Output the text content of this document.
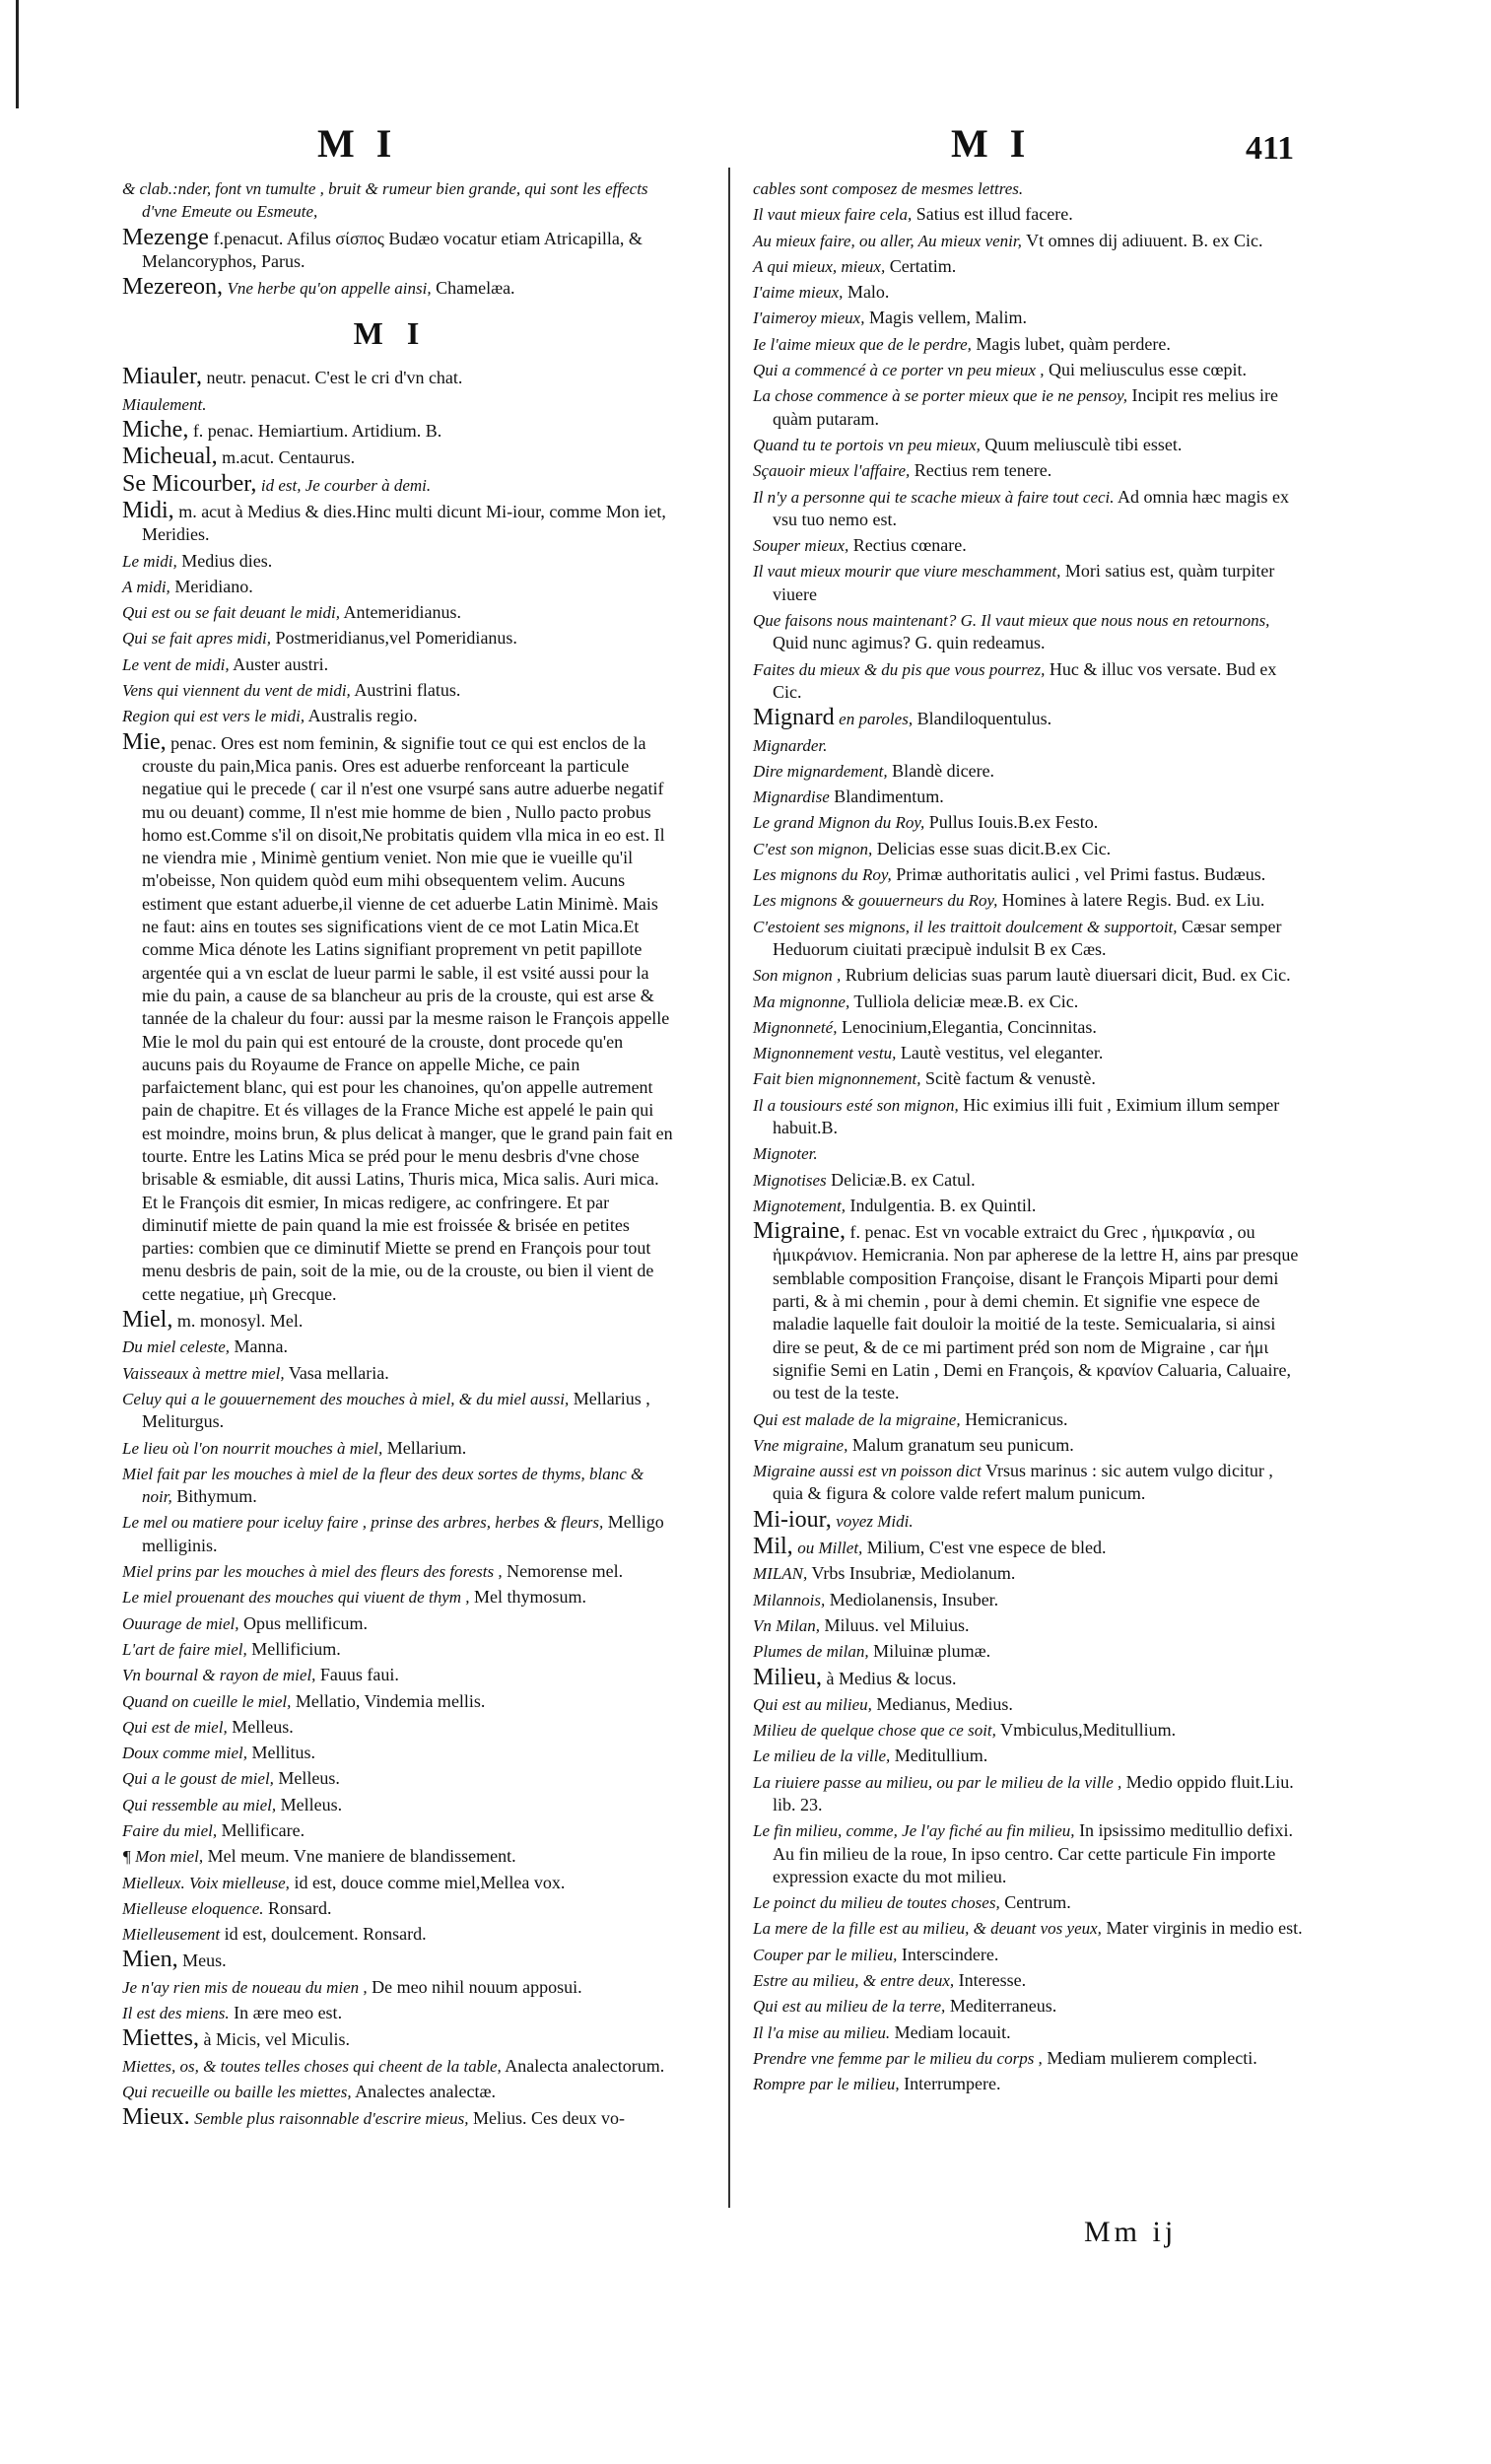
MI	MI	411

& clab.:nder, font vn tumulte , bruit & rumeur bien grande, qui sont les effects d'vne Emeute ou Esmeute,

Mezenge f.penacut. Afilus σίσπος Budæo vocatur etiam Atricapilla, & Melancoryphos, Parus.

Mezereon, Vne herbe qu'on appelle ainsi, Chamelæa.

MI

Miauler, neutr. penacut. C'est le cri d'vn chat.

Miaulement.

Miche, f. penac. Hemiartium. Artidium. B.

Micheual, m.acut. Centaurus.

Se Micourber, id est, Je courber à demi.

Midi, m. acut à Medius & dies.Hinc multi dicunt Mi-iour, comme Mon iet, Meridies.

Le midi, Medius dies.

A midi, Meridiano.

Qui est ou se fait deuant le midi, Antemeridianus.

Qui se fait apres midi, Postmeridianus,vel Pomeridianus.

Le vent de midi, Auster austri.

Vens qui viennent du vent de midi, Austrini flatus.

Region qui est vers le midi, Australis regio.

Mie, penac. Ores est nom feminin, & signifie tout ce qui est enclos de la crouste du pain,Mica panis. Ores est aduerbe renforceant la particule negatiue qui le precede ( car il n'est one vsurpé sans autre aduerbe negatif mu ou deuant) comme, Il n'est mie homme de bien , Nullo pacto probus homo est.Comme s'il on disoit,Ne probitatis quidem vlla mica in eo est. Il ne viendra mie , Minimè gentium veniet. Non mie que ie vueille qu'il m'obeisse, Non quidem quòd eum mihi obsequentem velim. Aucuns estiment que estant aduerbe,il vienne de cet aduerbe Latin Minimè. Mais ne faut: ains en toutes ses significations vient de ce mot Latin Mica.Et comme Mica dénote les Latins signifiant proprement vn petit papillote argentée qui a vn esclat de lueur parmi le sable, il est vsité aussi pour la mie du pain, a cause de sa blancheur au pris de la crouste, qui est arse & tannée de la chaleur du four: aussi par la mesme raison le François appelle Mie le mol du pain qui est entouré de la crouste, dont procede qu'en aucuns pais du Royaume de France on appelle Miche, ce pain parfaictement blanc, qui est pour les chanoines, qu'on appelle autrement pain de chapitre. Et és villages de la France Miche est appelé le pain qui est moindre, moins brun, & plus delicat à manger, que le grand pain fait en tourte. Entre les Latins Mica se préd pour le menu desbris d'vne chose brisable & esmiable, dit aussi Latins, Thuris mica, Mica salis. Auri mica. Et le François dit esmier, In micas redigere, ac confringere. Et par diminutif miette de pain quand la mie est froissée & brisée en petites parties: combien que ce diminutif Miette se prend en François pour tout menu desbris de pain, soit de la mie, ou de la crouste, ou bien il vient de cette negatiue, μὴ Grecque.

Miel, m. monosyl. Mel.

Du miel celeste, Manna.

Vaisseaux à mettre miel, Vasa mellaria.

Celuy qui a le gouuernement des mouches à miel, & du miel aussi, Mellarius , Meliturgus.

Le lieu où l'on nourrit mouches à miel, Mellarium.

Miel fait par les mouches à miel de la fleur des deux sortes de thyms, blanc & noir, Bithymum.

Le mel ou matiere pour iceluy faire , prinse des arbres, herbes & fleurs, Melligo melliginis.

Miel prins par les mouches à miel des fleurs des forests , Nemorense mel.

Le miel prouenant des mouches qui viuent de thym , Mel thymosum.

Ouurage de miel, Opus mellificum.

L'art de faire miel, Mellificium.

Vn bournal & rayon de miel, Fauus faui.

Quand on cueille le miel, Mellatio, Vindemia mellis.

Qui est de miel, Melleus.

Doux comme miel, Mellitus.

Qui a le goust de miel, Melleus.

Qui ressemble au miel, Melleus.

Faire du miel, Mellificare.

¶ Mon miel, Mel meum. Vne maniere de blandissement.

Mielleux. Voix mielleuse, id est, douce comme miel,Mellea vox.

Mielleuse eloquence. Ronsard.

Mielleusement id est, doulcement. Ronsard.

Mien, Meus.

Je n'ay rien mis de noueau du mien , De meo nihil nouum apposui.

Il est des miens. In ære meo est.

Miettes, à Micis, vel Miculis.

Miettes, os, & toutes telles choses qui cheent de la table, Analecta analectorum.

Qui recueille ou baille les miettes, Analectes analectæ.

Mieux. Semble plus raisonnable d'escrire mieus, Melius. Ces deux vo-

cables sont composez de mesmes lettres.

Il vaut mieux faire cela, Satius est illud facere.

Au mieux faire, ou aller, Au mieux venir, Vt omnes dij adiuuent. B. ex Cic.

A qui mieux, mieux, Certatim.

I'aime mieux, Malo.

I'aimeroy mieux, Magis vellem, Malim.

Ie l'aime mieux que de le perdre, Magis lubet, quàm perdere.

Qui a commencé à ce porter vn peu mieux , Qui meliusculus esse cœpit.

La chose commence à se porter mieux que ie ne pensoy, Incipit res melius ire quàm putaram.

Quand tu te portois vn peu mieux, Quum meliusculè tibi esset.

Sçauoir mieux l'affaire, Rectius rem tenere.

Il n'y a personne qui te scache mieux à faire tout ceci. Ad omnia hæc magis ex vsu tuo nemo est.

Souper mieux, Rectius cœnare.

Il vaut mieux mourir que viure meschamment, Mori satius est, quàm turpiter viuere

Que faisons nous maintenant? G. Il vaut mieux que nous nous en retournons, Quid nunc agimus? G. quin redeamus.

Faites du mieux & du pis que vous pourrez, Huc & illuc vos versate. Bud ex Cic.

Mignard en paroles, Blandiloquentulus.

Mignarder.

Dire mignardement, Blandè dicere.

Mignardise Blandimentum.

Le grand Mignon du Roy, Pullus Iouis.B.ex Festo.

C'est son mignon, Delicias esse suas dicit.B.ex Cic.

Les mignons du Roy, Primæ authoritatis aulici , vel Primi fastus. Budæus.

Les mignons & gouuerneurs du Roy, Homines à latere Regis. Bud. ex Liu.

C'estoient ses mignons, il les traittoit doulcement & supportoit, Cæsar semper Heduorum ciuitati præcipuè indulsit B ex Cæs.

Son mignon , Rubrium delicias suas parum lautè diuersari dicit, Bud. ex Cic.

Ma mignonne, Tulliola deliciæ meæ.B. ex Cic.

Mignonneté, Lenocinium,Elegantia, Concinnitas.

Mignonnement vestu, Lautè vestitus, vel eleganter.

Fait bien mignonnement, Scitè factum & venustè.

Il a tousiours esté son mignon, Hic eximius illi fuit , Eximium illum semper habuit.B.

Mignoter.

Mignotises Deliciæ.B. ex Catul.

Mignotement, Indulgentia. B. ex Quintil.

Migraine, f. penac. Est vn vocable extraict du Grec , ἡμικρανία , ou ἡμικράνιον. Hemicrania. Non par apherese de la lettre H, ains par presque semblable composition Françoise, disant le François Miparti pour demi parti, & à mi chemin , pour à demi chemin. Et signifie vne espece de maladie laquelle fait douloir la moitié de la teste. Semicualaria, si ainsi dire se peut, & de ce mi partiment préd son nom de Migraine , car ἡμι signifie Semi en Latin , Demi en François, & κρανίον Caluaria, Caluaire, ou test de la teste.

Qui est malade de la migraine, Hemicranicus.

Vne migraine, Malum granatum seu punicum.

Migraine aussi est vn poisson dict Vrsus marinus : sic autem vulgo dicitur , quia & figura & colore valde refert malum punicum.

Mi-iour, voyez Midi.

Mil, ou Millet, Milium, C'est vne espece de bled.

MILAN, Vrbs Insubriæ, Mediolanum.

Milannois, Mediolanensis, Insuber.

Vn Milan, Miluus. vel Miluius.

Plumes de milan, Miluinæ plumæ.

Milieu, à Medius & locus.

Qui est au milieu, Medianus, Medius.

Milieu de quelque chose que ce soit, Vmbiculus,Meditullium.

Le milieu de la ville, Meditullium.

La riuiere passe au milieu, ou par le milieu de la ville , Medio oppido fluit.Liu. lib. 23.

Le fin milieu, comme, Je l'ay fiché au fin milieu, In ipsissimo meditullio defixi. Au fin milieu de la roue, In ipso centro. Car cette particule Fin importe expression exacte du mot milieu.

Le poinct du milieu de toutes choses, Centrum.

La mere de la fille est au milieu, & deuant vos yeux, Mater virginis in medio est.

Couper par le milieu, Interscindere.

Estre au milieu, & entre deux, Interesse.

Qui est au milieu de la terre, Mediterraneus.

Il l'a mise au milieu. Mediam locauit.

Prendre vne femme par le milieu du corps , Mediam mulierem complecti.

Rompre par le milieu, Interrumpere.

Mm ij
